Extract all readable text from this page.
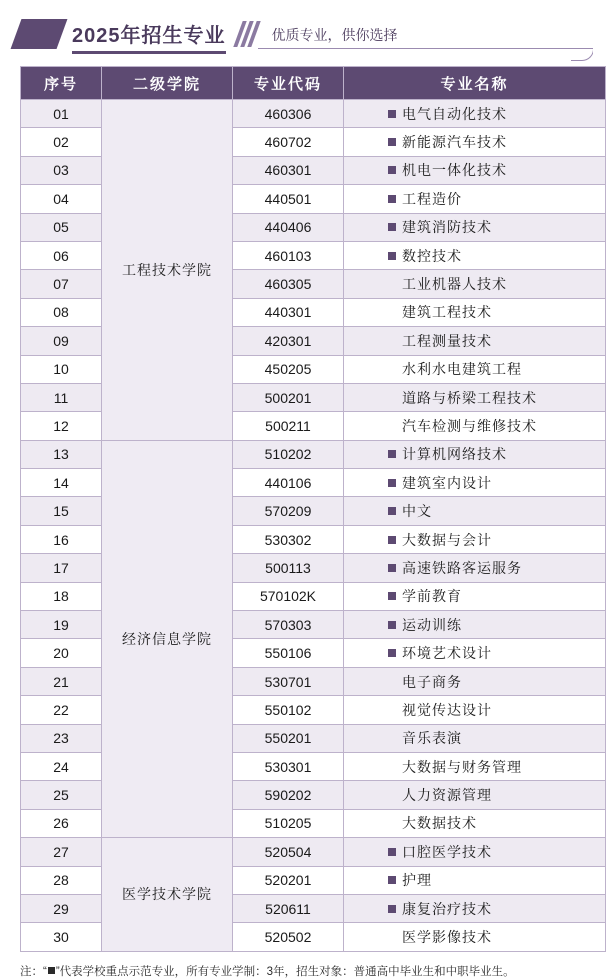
2025年招生专业	优质专业，供你选择
序号	二级学院	专业代码	专业名称
01	工程技术学院	460306	电气自动化技术

02		460702	新能源汽车技术

03		460301	机电一体化技术

04		440501	工程造价

05		440406	建筑消防技术

06		460103	数控技术

07		460305	工业机器人技术

08		440301	建筑工程技术

09		420301	工程测量技术

10		450205	水利水电建筑工程

11		500201	道路与桥梁工程技术

12		500211	汽车检测与维修技术

13	经济信息学院	510202	计算机网络技术

14		440106	建筑室内设计

15		570209	中文

16		530302	大数据与会计

17		500113	高速铁路客运服务

18		570102K	学前教育

19		570303	运动训练

20		550106	环境艺术设计

21		530701	电子商务

22		550102	视觉传达设计

23		550201	音乐表演

24		530301	大数据与财务管理

25		590202	人力资源管理

26		510205	大数据技术

27	医学技术学院	520504	口腔医学技术

28		520201	护理

29		520611	康复治疗技术

30		520502	医学影像技术
注：“ ”代表学校重点示范专业，所有专业学制：3年，招生对象：普通高中毕业生和中职毕业生。
